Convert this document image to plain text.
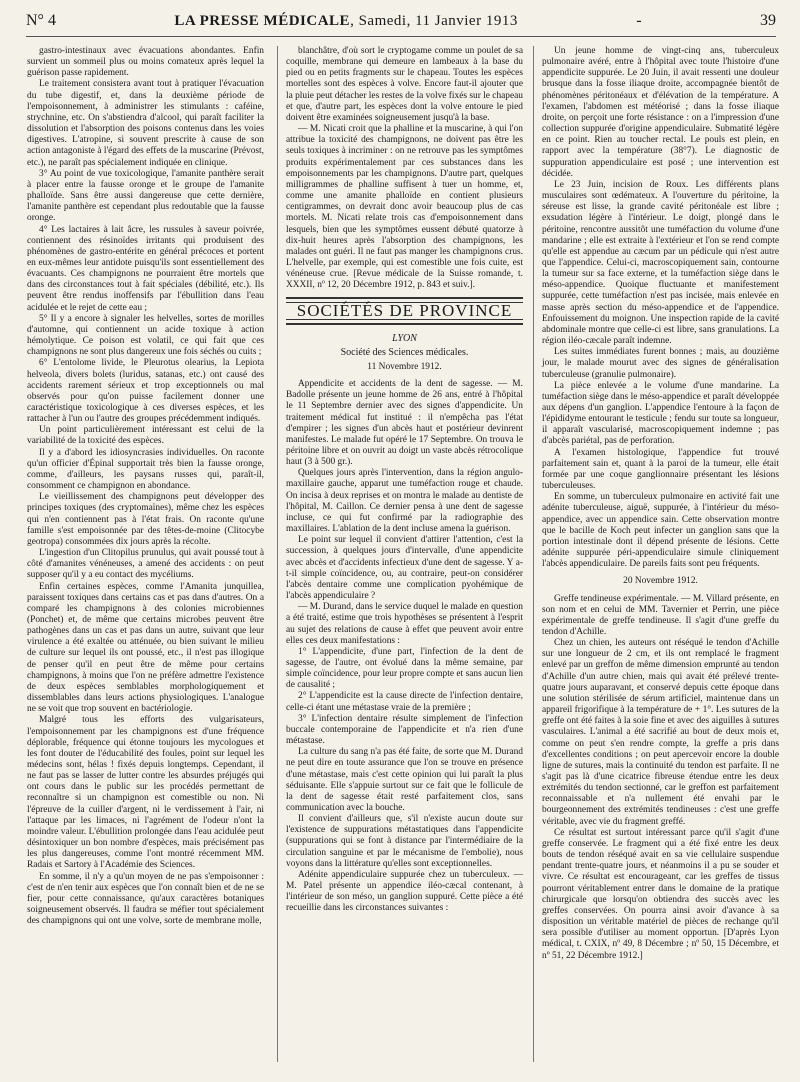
N° 4	LA PRESSE MÉDICALE, Samedi, 11 Janvier 1913	-	39

gastro-intestinaux avec évacuations abondantes. Enfin survient un sommeil plus ou moins comateux après lequel la guérison passe rapidement.

Le traitement consistera avant tout à pratiquer l'évacuation du tube digestif, et, dans la deuxième période de l'empoisonnement, à administrer les stimulants : caféine, strychnine, etc. On s'abstiendra d'alcool, qui paraît faciliter la dissolution et l'absorption des poisons contenus dans les voies digestives. L'atropine, si souvent prescrite à cause de son action antagoniste à l'égard des effets de la muscarine (Prévost, etc.), ne paraît pas spécialement indiquée en clinique.

3° Au point de vue toxicologique, l'amanite panthère serait à placer entre la fausse oronge et le groupe de l'amanite phalloïde. Sans être aussi dangereuse que cette dernière, l'amanite panthère est cependant plus redoutable que la fausse oronge.

4° Les lactaires à lait âcre, les russules à saveur poivrée, contiennent des résinoïdes irritants qui produisent des phénomènes de gastro-entérite en général précoces et portent en eux-mêmes leur antidote puisqu'ils sont essentiellement des évacuants. Ces champignons ne pourraient être mortels que dans des circonstances tout à fait spéciales (débilité, etc.). Ils peuvent être rendus inoffensifs par l'ébullition dans l'eau acidulée et le rejet de cette eau ;

5° Il y a encore à signaler les helvelles, sortes de morilles d'automne, qui contiennent un acide toxique à action hémolytique. Ce poison est volatil, ce qui fait que ces champignons ne sont plus dangereux une fois séchés ou cuits ;

6° L'entolome livide, le Pleurotus olearius, la Lepiota helveola, divers bolets (luridus, satanas, etc.) ont causé des accidents rarement sérieux et trop exceptionnels ou mal observés pour qu'on puisse facilement donner une caractéristique toxicologique à ces diverses espèces, et les rattacher à l'un ou l'autre des groupes précédemment indiqués.

Un point particulièrement intéressant est celui de la variabilité de la toxicité des espèces.

Il y a d'abord les idiosyncrasies individuelles. On raconte qu'un officier d'Épinal supportait très bien la fausse oronge, comme, d'ailleurs, les paysans russes qui, paraît-il, consomment ce champignon en abondance.

Le vieillissement des champignons peut développer des principes toxiques (des cryptomaïnes), même chez les espèces qui n'en contiennent pas à l'état frais. On raconte qu'une famille s'est empoisonnée par des têtes-de-moine (Clitocybe geotropa) consommées dix jours après la récolte.

L'ingestion d'un Clitopilus prunulus, qui avait poussé tout à côté d'amanites vénéneuses, a amené des accidents : on peut supposer qu'il y a eu contact des mycéliums.

Enfin certaines espèces, comme l'Amanita junquillea, paraissent toxiques dans certains cas et pas dans d'autres. On a comparé les champignons à des colonies microbiennes (Ponchet) et, de même que certains microbes peuvent être pathogènes dans un cas et pas dans un autre, suivant que leur virulence a été exaltée ou atténuée, ou bien suivant le milieu de culture sur lequel ils ont poussé, etc., il n'est pas illogique de penser qu'il en peut être de même pour certains champignons, à moins que l'on ne préfère admettre l'existence de deux espèces semblables morphologiquement et dissemblables dans leurs actions physiologiques. L'analogue ne se voit que trop souvent en bactériologie.

Malgré tous les efforts des vulgarisateurs, l'empoisonnement par les champignons est d'une fréquence déplorable, fréquence qui étonne toujours les mycologues et les font douter de l'éducabilité des foules, point sur lequel les médecins sont, hélas ! fixés depuis longtemps. Cependant, il ne faut pas se lasser de lutter contre les absurdes préjugés qui ont cours dans le public sur les procédés permettant de reconnaître si un champignon est comestible ou non. Ni l'épreuve de la cuiller d'argent, ni le verdissement à l'air, ni l'attaque par les limaces, ni l'agrément de l'odeur n'ont la moindre valeur. L'ébullition prolongée dans l'eau acidulée peut désintoxiquer un bon nombre d'espèces, mais précisément pas les plus dangereuses, comme l'ont montré récemment MM. Radais et Sartory à l'Académie des Sciences.

En somme, il n'y a qu'un moyen de ne pas s'empoisonner : c'est de n'en tenir aux espèces que l'on connaît bien et de ne se fier, pour cette connaissance, qu'aux caractères botaniques soigneusement observés. Il faudra se méfier tout spécialement des champignons qui ont une volve, sorte de membrane molle,

blanchâtre, d'où sort le cryptogame comme un poulet de sa coquille, membrane qui demeure en lambeaux à la base du pied ou en petits fragments sur le chapeau. Toutes les espèces mortelles sont des espèces à volve. Encore faut-il ajouter que la pluie peut détacher les restes de la volve fixés sur le chapeau et que, d'autre part, les espèces dont la volve entoure le pied doivent être examinées soigneusement jusqu'à la base.

— M. Nicati croit que la phalline et la muscarine, à qui l'on attribue la toxicité des champignons, ne doivent pas être les seuls toxiques à incriminer : on ne retrouve pas les symptômes produits expérimentalement par ces substances dans les empoisonnements par les champignons. D'autre part, quelques milligrammes de phalline suffisent à tuer un homme, et, comme une amanite phalloïde en contient plusieurs centigrammes, on devrait donc avoir beaucoup plus de cas mortels. M. Nicati relate trois cas d'empoisonnement dans lesquels, bien que les symptômes eussent débuté quatorze à dix-huit heures après l'absorption des champignons, les malades ont guéri. Il ne faut pas manger les champignons crus. L'helvelle, par exemple, qui est comestible une fois cuite, est vénéneuse crue. [Revue médicale de la Suisse romande, t. XXXII, nº 12, 20 Décembre 1912, p. 843 et suiv.].

SOCIÉTÉS DE PROVINCE

LYON

Société des Sciences médicales.

11 Novembre 1912.

Appendicite et accidents de la dent de sagesse. — M. Badolle présente un jeune homme de 26 ans, entré à l'hôpital le 11 Septembre dernier avec des signes d'appendicite. Un traitement médical fut institué : il n'empêcha pas l'état d'empirer ; les signes d'un abcès haut et postérieur devinrent manifestes. Le malade fut opéré le 17 Septembre. On trouva le péritoine libre et on ouvrit au doigt un vaste abcès rétrocolique haut (3 à 500 gr.).

Quelques jours après l'intervention, dans la région angulo-maxillaire gauche, apparut une tuméfaction rouge et chaude. On incisa à deux reprises et on montra le malade au dentiste de l'hôpital, M. Caillon. Ce dernier pensa à une dent de sagesse incluse, ce qui fut confirmé par la radiographie des maxillaires. L'ablation de la dent incluse amena la guérison.

Le point sur lequel il convient d'attirer l'attention, c'est la succession, à quelques jours d'intervalle, d'une appendicite avec abcès et d'accidents infectieux d'une dent de sagesse. Y a-t-il simple coïncidence, ou, au contraire, peut-on considérer l'abcès dentaire comme une complication pyohémique de l'abcès appendiculaire ?

— M. Durand, dans le service duquel le malade en question a été traité, estime que trois hypothèses se présentent à l'esprit au sujet des relations de cause à effet que peuvent avoir entre elles ces deux manifestations :

1° L'appendicite, d'une part, l'infection de la dent de sagesse, de l'autre, ont évolué dans la même semaine, par simple coïncidence, pour leur propre compte et sans aucun lien de causalité ;

2° L'appendicite est la cause directe de l'infection dentaire, celle-ci étant une métastase vraie de la première ;

3° L'infection dentaire résulte simplement de l'infection buccale contemporaine de l'appendicite et n'a rien d'une métastase.

La culture du sang n'a pas été faite, de sorte que M. Durand ne peut dire en toute assurance que l'on se trouve en présence d'une métastase, mais c'est cette opinion qui lui paraît la plus séduisante. Elle s'appuie surtout sur ce fait que le follicule de la dent de sagesse était resté parfaitement clos, sans communication avec la bouche.

Il convient d'ailleurs que, s'il n'existe aucun doute sur l'existence de suppurations métastatiques dans l'appendicite (suppurations qui se font à distance par l'intermédiaire de la circulation sanguine et par le mécanisme de l'embolie), nous voyons dans la littérature qu'elles sont exceptionnelles.

Adénite appendiculaire suppurée chez un tuberculeux. — M. Patel présente un appendice iléo-cæcal contenant, à l'intérieur de son méso, un ganglion suppuré. Cette pièce a été recueillie dans les circonstances suivantes :

Un jeune homme de vingt-cinq ans, tuberculeux pulmonaire avéré, entre à l'hôpital avec toute l'histoire d'une appendicite suppurée. Le 20 Juin, il avait ressenti une douleur brusque dans la fosse iliaque droite, accompagnée bientôt de phénomènes péritonéaux et d'élévation de la température. A l'examen, l'abdomen est météorisé ; dans la fosse iliaque droite, on perçoit une forte résistance : on a l'impression d'une collection suppurée d'origine appendiculaire. Submatité légère en ce point. Rien au toucher rectal. Le pouls est plein, en rapport avec la température (38°7). Le diagnostic de suppuration appendiculaire est posé ; une intervention est décidée.

Le 23 Juin, incision de Roux. Les différents plans musculaires sont œdémateux. A l'ouverture du péritoine, la séreuse est lisse, la grande cavité péritonéale est libre ; exsudation légère à l'intérieur. Le doigt, plongé dans le péritoine, rencontre aussitôt une tuméfaction du volume d'une mandarine ; elle est extraite à l'extérieur et l'on se rend compte qu'elle est appendue au cæcum par un pédicule qui n'est autre que l'appendice. Celui-ci, macroscopiquement sain, contourne la tumeur sur sa face externe, et la tuméfaction siège dans le méso-appendice. Quoique fluctuante et manifestement suppurée, cette tuméfaction n'est pas incisée, mais enlevée en masse après section du méso-appendice et de l'appendice. Enfouissement du moignon. Une inspection rapide de la cavité abdominale montre que celle-ci est libre, sans granulations. La région iléo-cæcale paraît indemne.

Les suites immédiates furent bonnes ; mais, au douzième jour, le malade mourut avec des signes de généralisation tuberculeuse (granulie pulmonaire).

La pièce enlevée a le volume d'une mandarine. La tuméfaction siège dans le méso-appendice et paraît développée aux dépens d'un ganglion. L'appendice l'entoure à la façon de l'épididyme entourant le testicule ; fendu sur toute sa longueur, il apparaît vascularisé, macroscopiquement indemne ; pas d'abcès pariétal, pas de perforation.

A l'examen histologique, l'appendice fut trouvé parfaitement sain et, quant à la paroi de la tumeur, elle était formée par une coque ganglionnaire présentant les lésions tuberculeuses.

En somme, un tuberculeux pulmonaire en activité fait une adénite tuberculeuse, aiguë, suppurée, à l'intérieur du méso-appendice, avec un appendice sain. Cette observation montre que le bacille de Koch peut infecter un ganglion sans que la portion intestinale dont il dépend présente de lésions. Cette adénite suppurée péri-appendiculaire simule cliniquement l'abcès appendiculaire. De pareils faits sont peu fréquents.

20 Novembre 1912.

Greffe tendineuse expérimentale. — M. Villard présente, en son nom et en celui de MM. Tavernier et Perrin, une pièce expérimentale de greffe tendineuse. Il s'agit d'une greffe du tendon d'Achille.

Chez un chien, les auteurs ont réséqué le tendon d'Achille sur une longueur de 2 cm, et ils ont remplacé le fragment enlevé par un greffon de même dimension emprunté au tendon d'Achille d'un autre chien, mais qui avait été prélevé trente-quatre jours auparavant, et conservé depuis cette époque dans une solution stérilisée de sérum artificiel, maintenue dans un appareil frigorifique à la température de + 1°. Les sutures de la greffe ont été faites à la soie fine et avec des aiguilles à sutures vasculaires. L'animal a été sacrifié au bout de deux mois et, comme on peut s'en rendre compte, la greffe a pris dans d'excellentes conditions ; on peut apercevoir encore la double ligne de sutures, mais la continuité du tendon est parfaite. Il ne s'agit pas là d'une cicatrice fibreuse étendue entre les deux extrémités du tendon sectionné, car le greffon est parfaitement reconnaissable et n'a nullement été envahi par le bourgeonnement des extrémités tendineuses : c'est une greffe véritable, avec vie du fragment greffé.

Ce résultat est surtout intéressant parce qu'il s'agit d'une greffe conservée. Le fragment qui a été fixé entre les deux bouts de tendon réséqué avait en sa vie cellulaire suspendue pendant trente-quatre jours, et néanmoins il a pu se souder et vivre. Ce résultat est encourageant, car les greffes de tissus pourront véritablement entrer dans le domaine de la pratique chirurgicale que lorsqu'on obtiendra des succès avec les greffes conservées. On pourra ainsi avoir d'avance à sa disposition un véritable matériel de pièces de rechange qu'il sera possible d'utiliser au moment opportun. [D'après Lyon médical, t. CXIX, nº 49, 8 Décembre ; nº 50, 15 Décembre, et nº 51, 22 Décembre 1912.]
